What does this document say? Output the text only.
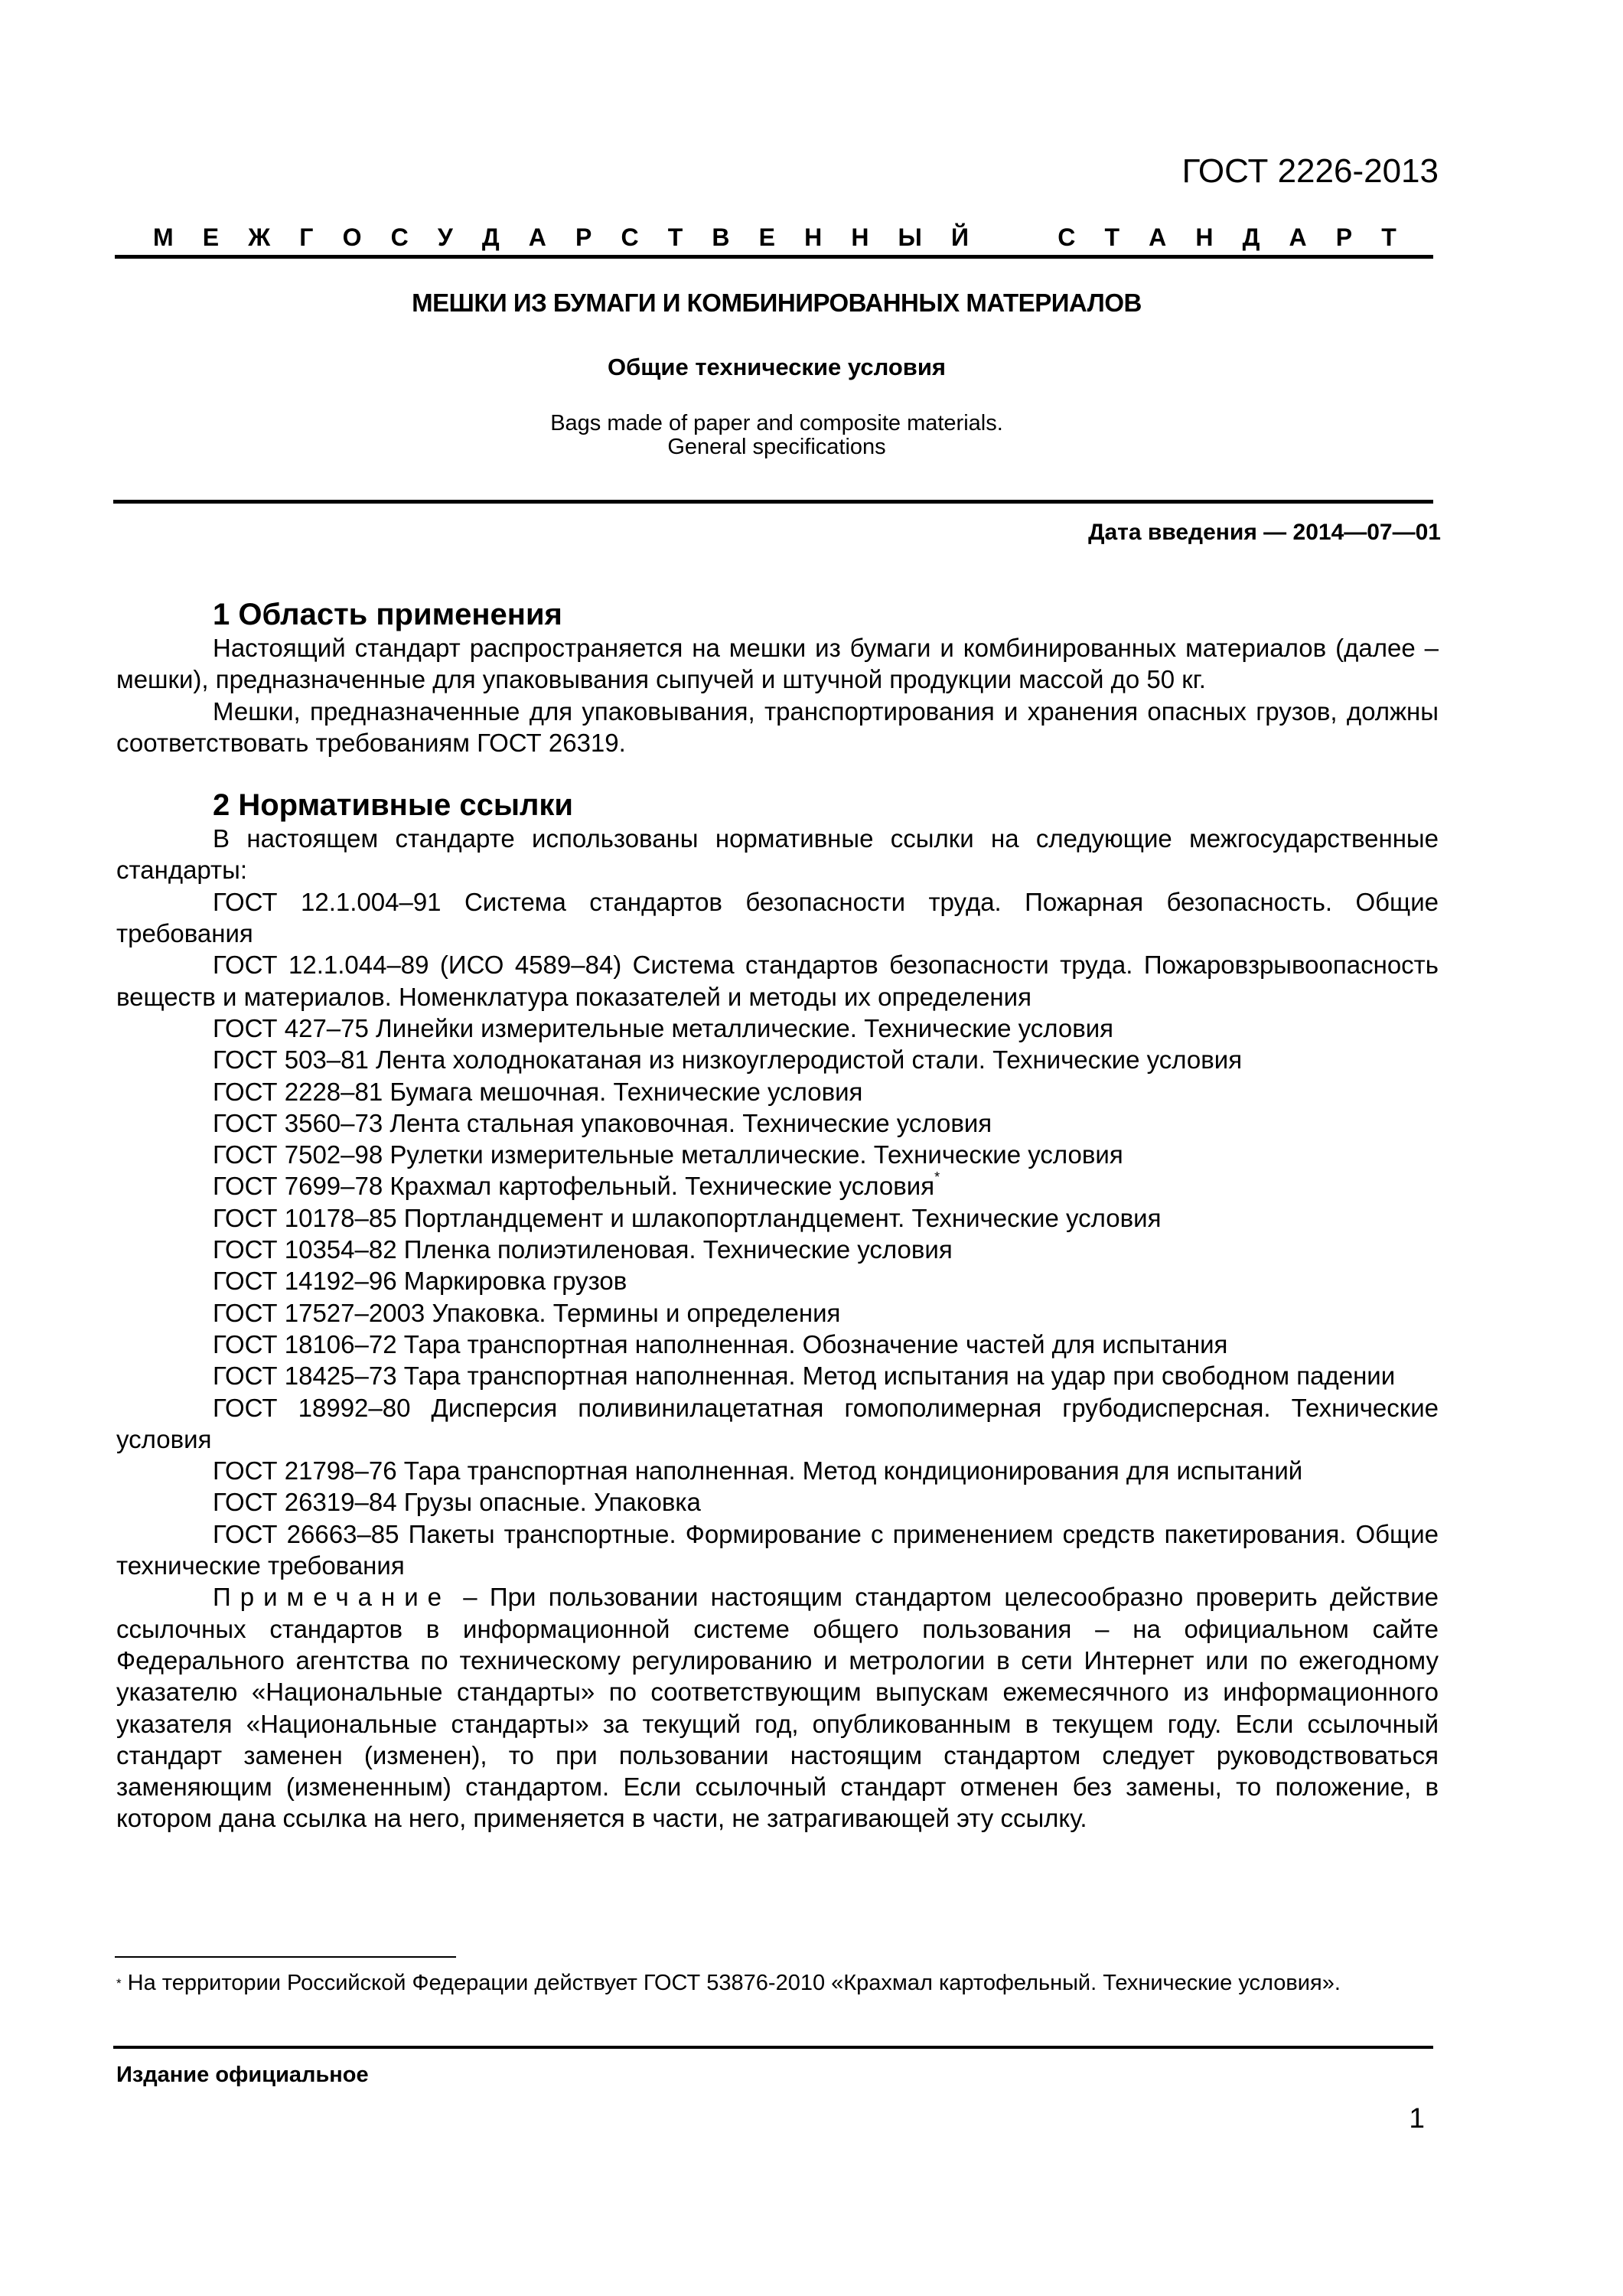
ГОСТ 2226-2013
М Е Ж Г О С У Д А Р С Т В Е Н Н Ы Й	С Т А Н Д А Р Т
МЕШКИ ИЗ БУМАГИ И КОМБИНИРОВАННЫХ МАТЕРИАЛОВ
Общие технические условия
Bags made of paper and composite materials.
General specifications
Дата введения — 2014—07—01
1 Область применения

Настоящий стандарт распространяется на мешки из бумаги и комбинированных материалов (далее – мешки), предназначенные для упаковывания сыпучей и штучной продукции массой до 50 кг.

Мешки, предназначенные для упаковывания, транспортирования и хранения опасных грузов, должны соответствовать требованиям ГОСТ 26319.

2 Нормативные ссылки

В настоящем стандарте использованы нормативные ссылки на следующие межгосударственные стандарты:

ГОСТ 12.1.004–91 Система стандартов безопасности труда. Пожарная безопасность. Общие требования

ГОСТ 12.1.044–89 (ИСО 4589–84) Система стандартов безопасности труда. Пожаровзрывоопасность веществ и материалов. Номенклатура показателей и методы их определения

ГОСТ 427–75 Линейки измерительные металлические. Технические условия

ГОСТ 503–81 Лента холоднокатаная из низкоуглеродистой стали. Технические условия

ГОСТ 2228–81 Бумага мешочная. Технические условия

ГОСТ 3560–73 Лента стальная упаковочная. Технические условия

ГОСТ 7502–98 Рулетки измерительные металлические. Технические условия

ГОСТ 7699–78 Крахмал картофельный. Технические условия*

ГОСТ 10178–85 Портландцемент и шлакопортландцемент. Технические условия

ГОСТ 10354–82 Пленка полиэтиленовая. Технические условия

ГОСТ 14192–96 Маркировка грузов

ГОСТ 17527–2003 Упаковка. Термины и определения

ГОСТ 18106–72 Тара транспортная наполненная. Обозначение частей для испытания

ГОСТ 18425–73 Тара транспортная наполненная. Метод испытания на удар при свободном падении

ГОСТ 18992–80 Дисперсия поливинилацетатная гомополимерная грубодисперсная. Технические условия

ГОСТ 21798–76 Тара транспортная наполненная. Метод кондиционирования для испытаний

ГОСТ 26319–84 Грузы опасные. Упаковка

ГОСТ 26663–85 Пакеты транспортные. Формирование с применением средств пакетирования. Общие технические требования

Примечание – При пользовании настоящим стандартом целесообразно проверить действие ссылочных стандартов в информационной системе общего пользования – на официальном сайте Федерального агентства по техническому регулированию и метрологии в сети Интернет или по ежегодному указателю «Национальные стандарты» по соответствующим выпускам ежемесячного из информационного указателя «Национальные стандарты» за текущий год, опубликованным в текущем году. Если ссылочный стандарт заменен (изменен), то при пользовании настоящим стандартом следует руководствоваться заменяющим (измененным) стандартом. Если ссылочный стандарт отменен без замены, то положение, в котором дана ссылка на него, применяется в части, не затрагивающей эту ссылку.

* На территории Российской Федерации действует ГОСТ 53876-2010 «Крахмал картофельный. Технические условия».
Издание официальное
1
